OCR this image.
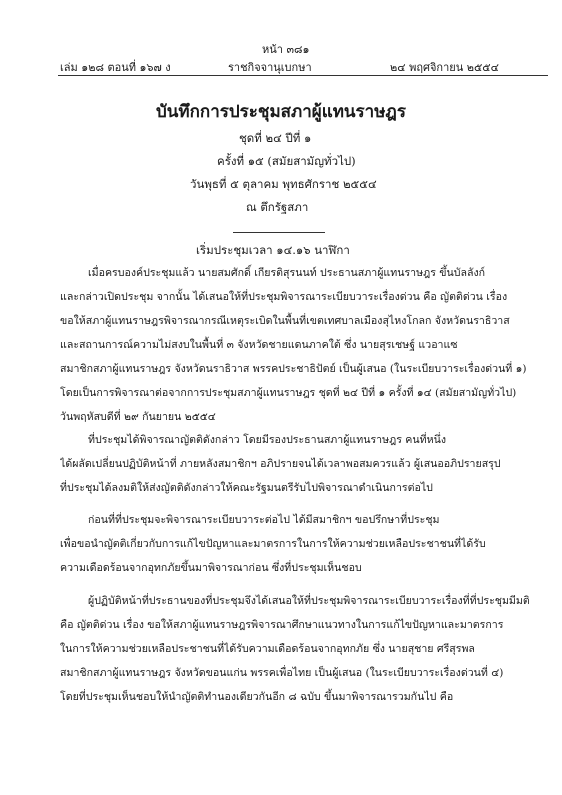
หน้า ๓๘๑
เล่ม ๑๒๘ ตอนที่ ๑๖๗ ง	ราชกิจจานุเบกษา	๒๔ พฤศจิกายน ๒๕๕๔
บันทึกการประชุมสภาผู้แทนราษฎร
ชุดที่ ๒๔ ปีที่ ๑
ครั้งที่ ๑๕ (สมัยสามัญทั่วไป)
วันพุธที่ ๕ ตุลาคม พุทธศักราช ๒๕๕๔
ณ ตึกรัฐสภา
เริ่มประชุมเวลา ๑๔.๑๖ นาฬิกา
เมื่อครบองค์ประชุมแล้ว นายสมศักดิ์ เกียรติสุรนนท์ ประธานสภาผู้แทนราษฎร ขึ้นบัลลังก์
และกล่าวเปิดประชุม จากนั้น ได้เสนอให้ที่ประชุมพิจารณาระเบียบวาระเรื่องด่วน คือ ญัตติด่วน เรื่อง
ขอให้สภาผู้แทนราษฎรพิจารณากรณีเหตุระเบิดในพื้นที่เขตเทศบาลเมืองสุไหงโกลก จังหวัดนราธิวาส
และสถานการณ์ความไม่สงบในพื้นที่ ๓ จังหวัดชายแดนภาคใต้ ซึ่ง นายสุรเชษฐ์ แวอาแซ
สมาชิกสภาผู้แทนราษฎร จังหวัดนราธิวาส พรรคประชาธิปัตย์ เป็นผู้เสนอ (ในระเบียบวาระเรื่องด่วนที่ ๑)
โดยเป็นการพิจารณาต่อจากการประชุมสภาผู้แทนราษฎร ชุดที่ ๒๔ ปีที่ ๑ ครั้งที่ ๑๔ (สมัยสามัญทั่วไป)
วันพฤหัสบดีที่ ๒๙ กันยายน ๒๕๕๔
ที่ประชุมได้พิจารณาญัตติดังกล่าว โดยมีรองประธานสภาผู้แทนราษฎร คนที่หนึ่ง
ได้ผลัดเปลี่ยนปฏิบัติหน้าที่ ภายหลังสมาชิกฯ อภิปรายจนได้เวลาพอสมควรแล้ว ผู้เสนออภิปรายสรุป
ที่ประชุมได้ลงมติให้ส่งญัตติดังกล่าวให้คณะรัฐมนตรีรับไปพิจารณาดำเนินการต่อไป
ก่อนที่ที่ประชุมจะพิจารณาระเบียบวาระต่อไป ได้มีสมาชิกฯ ขอปรึกษาที่ประชุม
เพื่อขอนำญัตติเกี่ยวกับการแก้ไขปัญหาและมาตรการในการให้ความช่วยเหลือประชาชนที่ได้รับ
ความเดือดร้อนจากอุทกภัยขึ้นมาพิจารณาก่อน ซึ่งที่ประชุมเห็นชอบ
ผู้ปฏิบัติหน้าที่ประธานของที่ประชุมจึงได้เสนอให้ที่ประชุมพิจารณาระเบียบวาระเรื่องที่ที่ประชุมมีมติ
คือ ญัตติด่วน เรื่อง ขอให้สภาผู้แทนราษฎรพิจารณาศึกษาแนวทางในการแก้ไขปัญหาและมาตรการ
ในการให้ความช่วยเหลือประชาชนที่ได้รับความเดือดร้อนจากอุทกภัย ซึ่ง นายสุชาย ศรีสุรพล
สมาชิกสภาผู้แทนราษฎร จังหวัดขอนแก่น พรรคเพื่อไทย เป็นผู้เสนอ (ในระเบียบวาระเรื่องด่วนที่ ๔)
โดยที่ประชุมเห็นชอบให้นำญัตติทำนองเดียวกันอีก ๘ ฉบับ ขึ้นมาพิจารณารวมกันไป คือ
